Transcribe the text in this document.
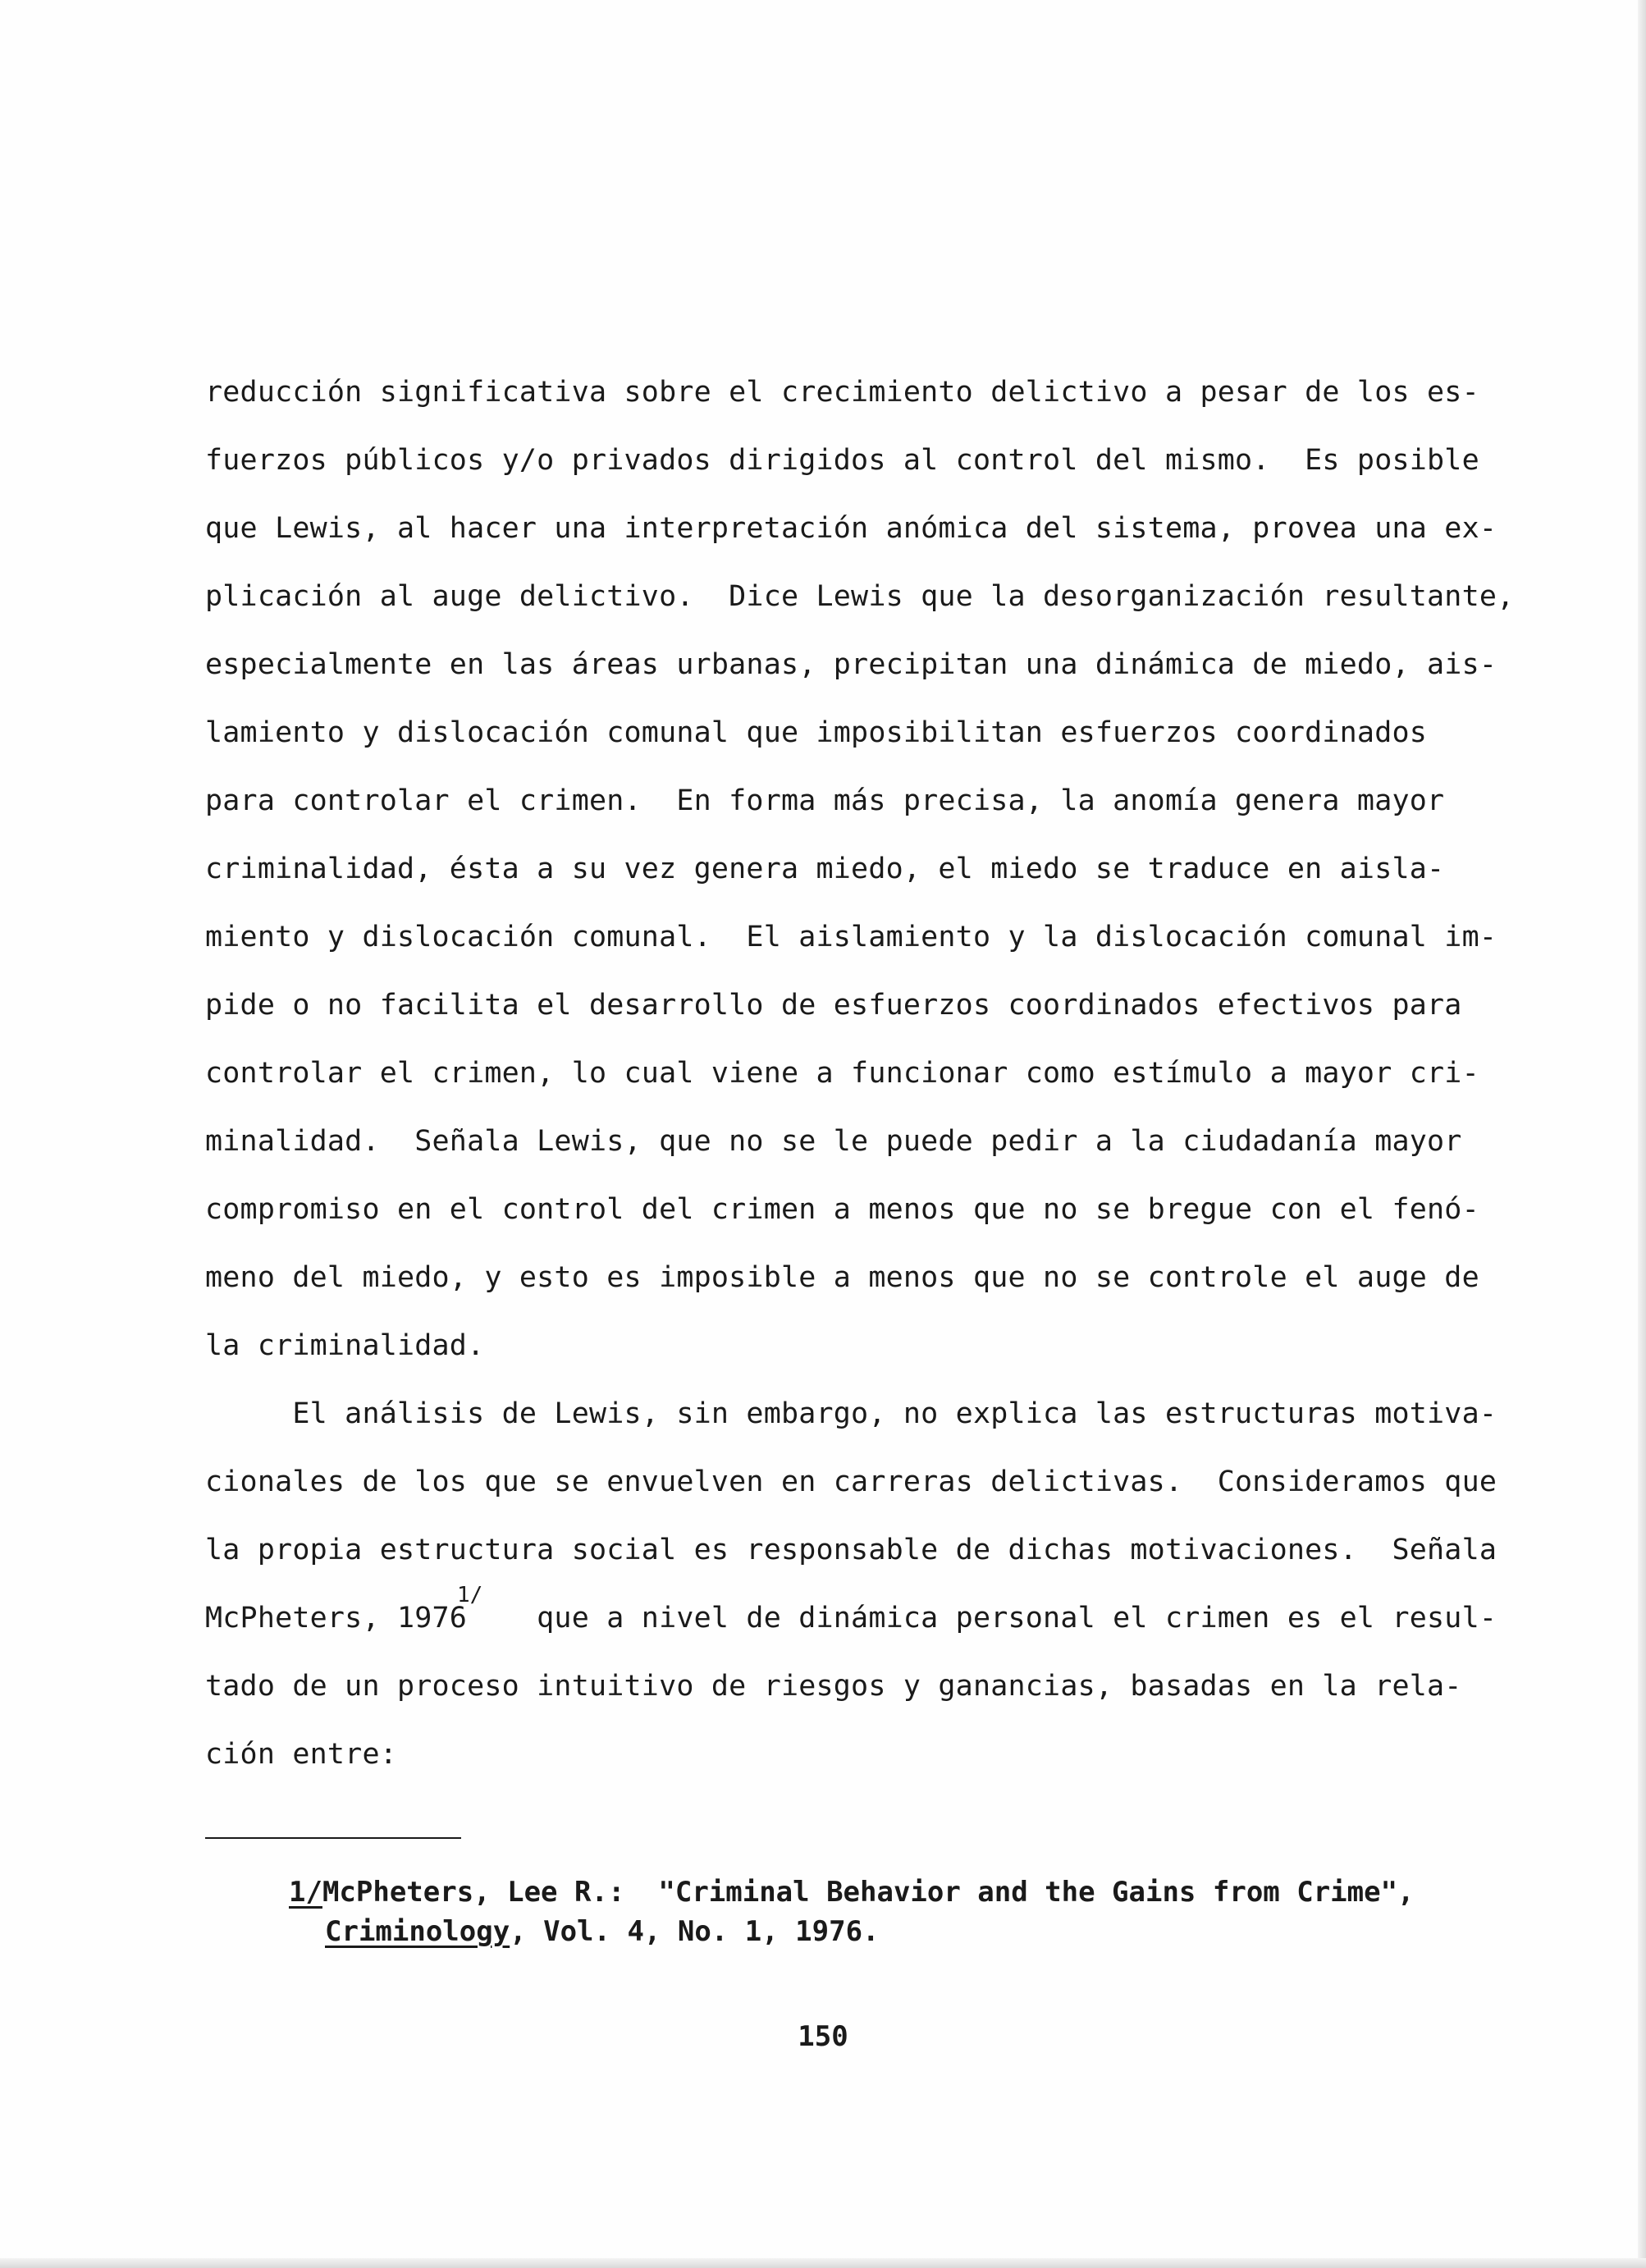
reducción significativa sobre el crecimiento delictivo a pesar de los es-
fuerzos públicos y/o privados dirigidos al control del mismo.  Es posible
que Lewis, al hacer una interpretación anómica del sistema, provea una ex-
plicación al auge delictivo.  Dice Lewis que la desorganización resultante,
especialmente en las áreas urbanas, precipitan una dinámica de miedo, ais-
lamiento y dislocación comunal que imposibilitan esfuerzos coordinados
para controlar el crimen.  En forma más precisa, la anomía genera mayor
criminalidad, ésta a su vez genera miedo, el miedo se traduce en aisla-
miento y dislocación comunal.  El aislamiento y la dislocación comunal im-
pide o no facilita el desarrollo de esfuerzos coordinados efectivos para
controlar el crimen, lo cual viene a funcionar como estímulo a mayor cri-
minalidad.  Señala Lewis, que no se le puede pedir a la ciudadanía mayor
compromiso en el control del crimen a menos que no se bregue con el fenó-
meno del miedo, y esto es imposible a menos que no se controle el auge de
la criminalidad.
El análisis de Lewis, sin embargo, no explica las estructuras motiva-
cionales de los que se envuelven en carreras delictivas.  Consideramos que
la propia estructura social es responsable de dichas motivaciones.  Señala
McPheters, 1976    que a nivel de dinámica personal el crimen es el resul-
1/
tado de un proceso intuitivo de riesgos y ganancias, basadas en la rela-
ción entre:
1/McPheters, Lee R.: "Criminal Behavior and the Gains from Crime",
Criminology, Vol. 4, No. 1, 1976.
150
